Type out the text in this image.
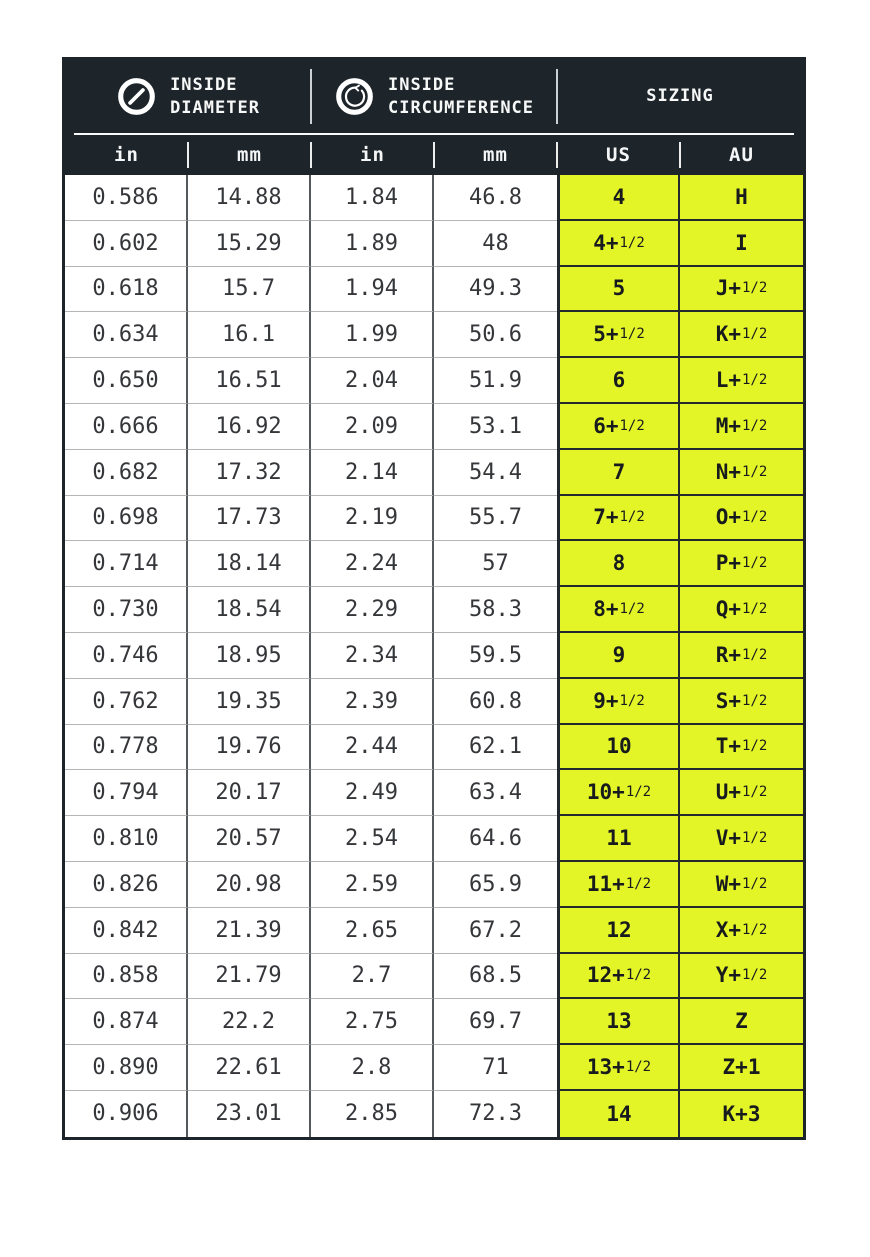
INSIDE DIAMETER
INSIDE CIRCUMFERENCE
SIZING
in	mm	in	mm	US	AU
0.586	14.88	1.84	46.8	4	H
0.602	15.29	1.89	48	4+ 1/2	I
0.618	15.7	1.94	49.3	5	J+ 1/2
0.634	16.1	1.99	50.6	5+ 1/2	K+ 1/2
0.650	16.51	2.04	51.9	6	L+ 1/2
0.666	16.92	2.09	53.1	6+ 1/2	M+ 1/2
0.682	17.32	2.14	54.4	7	N+ 1/2
0.698	17.73	2.19	55.7	7+ 1/2	O+ 1/2
0.714	18.14	2.24	57	8	P+ 1/2
0.730	18.54	2.29	58.3	8+ 1/2	Q+ 1/2
0.746	18.95	2.34	59.5	9	R+ 1/2
0.762	19.35	2.39	60.8	9+ 1/2	S+ 1/2
0.778	19.76	2.44	62.1	10	T+ 1/2
0.794	20.17	2.49	63.4	10+ 1/2	U+ 1/2
0.810	20.57	2.54	64.6	11	V+ 1/2
0.826	20.98	2.59	65.9	11+ 1/2	W+ 1/2
0.842	21.39	2.65	67.2	12	X+ 1/2
0.858	21.79	2.7	68.5	12+ 1/2	Y+ 1/2
0.874	22.2	2.75	69.7	13	Z
0.890	22.61	2.8	71	13+ 1/2	Z+1
0.906	23.01	2.85	72.3	14	K+3
